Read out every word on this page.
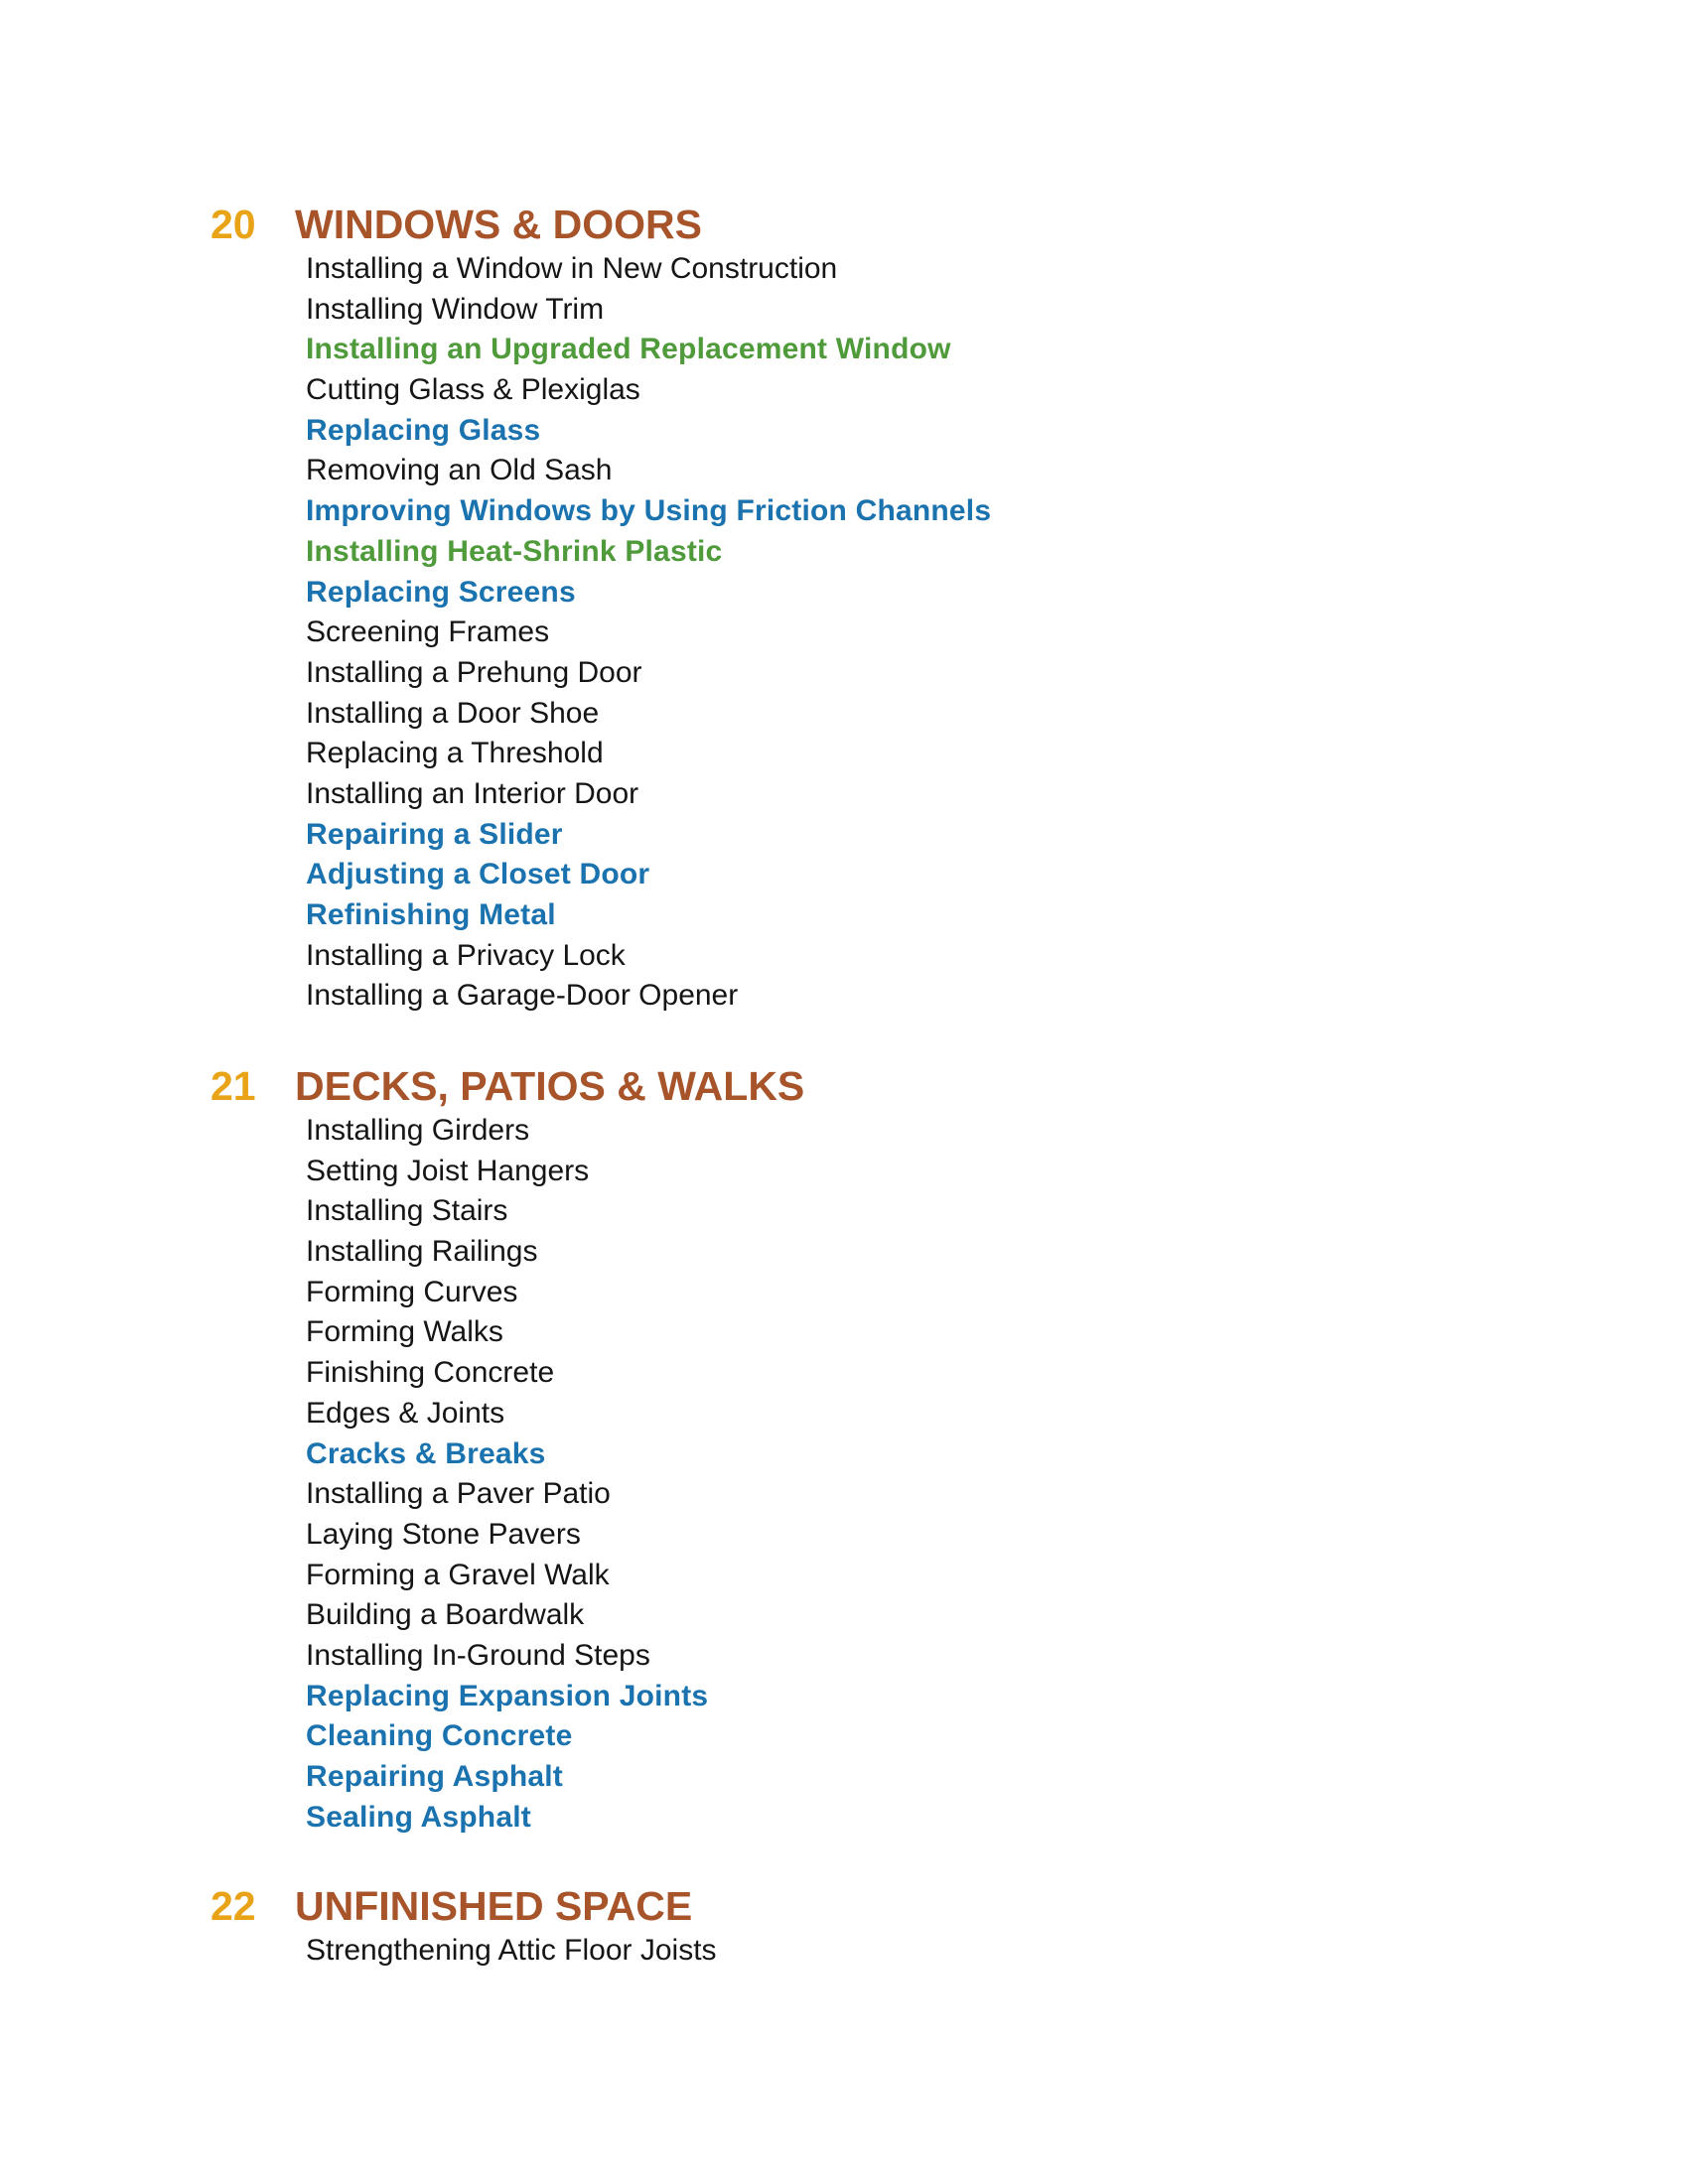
20 WINDOWS & DOORS
Installing a Window in New Construction
Installing Window Trim
Installing an Upgraded Replacement Window
Cutting Glass & Plexiglas
Replacing Glass
Removing an Old Sash
Improving Windows by Using Friction Channels
Installing Heat-Shrink Plastic
Replacing Screens
Screening Frames
Installing a Prehung Door
Installing a Door Shoe
Replacing a Threshold
Installing an Interior Door
Repairing a Slider
Adjusting a Closet Door
Refinishing Metal
Installing a Privacy Lock
Installing a Garage-Door Opener
21 DECKS, PATIOS & WALKS
Installing Girders
Setting Joist Hangers
Installing Stairs
Installing Railings
Forming Curves
Forming Walks
Finishing Concrete
Edges & Joints
Cracks & Breaks
Installing a Paver Patio
Laying Stone Pavers
Forming a Gravel Walk
Building a Boardwalk
Installing In-Ground Steps
Replacing Expansion Joints
Cleaning Concrete
Repairing Asphalt
Sealing Asphalt
22 UNFINISHED SPACE
Strengthening Attic Floor Joists
